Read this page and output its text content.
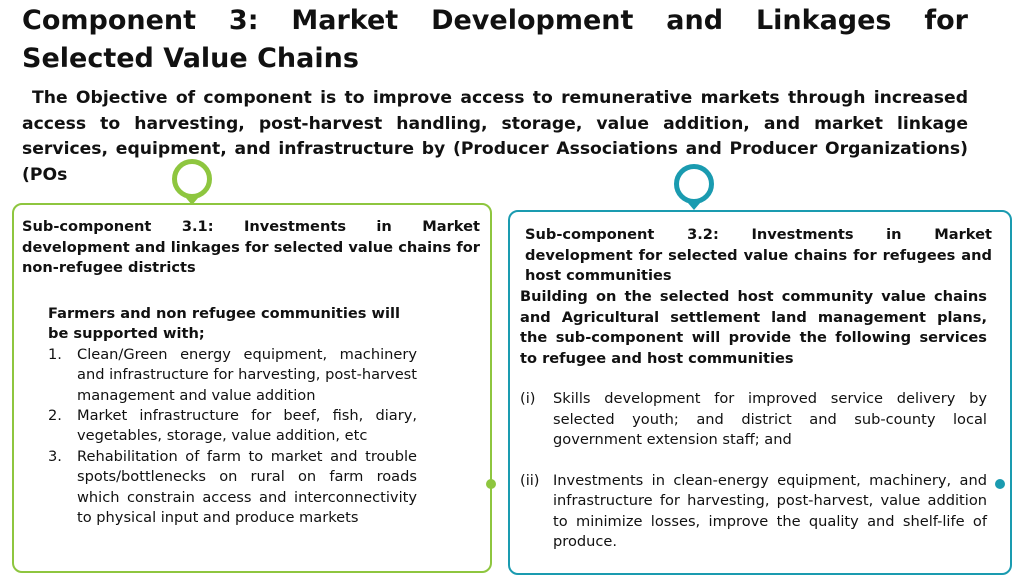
Component 3: Market Development and Linkages for Selected Value Chains

The Objective of component is to improve access to remunerative markets through increased access to harvesting, post-harvest handling, storage, value addition, and market linkage services, equipment, and infrastructure by (Producer Associations and Producer Organizations) (POs

Sub-component 3.1: Investments in Market development and linkages for selected value chains for non-refugee districts

Sub-component 3.2: Investments in Market development for selected value chains for refugees and host communities

Farmers and non refugee communities will be supported with;

1. Clean/Green energy equipment, machinery and infrastructure for harvesting, post-harvest management and value addition
2. Market infrastructure for beef, fish, diary, vegetables, storage, value addition, etc
3. Rehabilitation of farm to market and trouble spots/bottlenecks on rural on farm roads which constrain access and interconnectivity to physical input and produce markets

Building on the selected host community value chains and Agricultural settlement land management plans, the sub-component will provide the following services to refugee and host communities

(i) Skills development for improved service delivery by selected youth; and district and sub-county local government extension staff; and
(ii) Investments in clean-energy equipment, machinery, and infrastructure for harvesting, post-harvest, value addition to minimize losses, improve the quality and shelf-life of produce.
